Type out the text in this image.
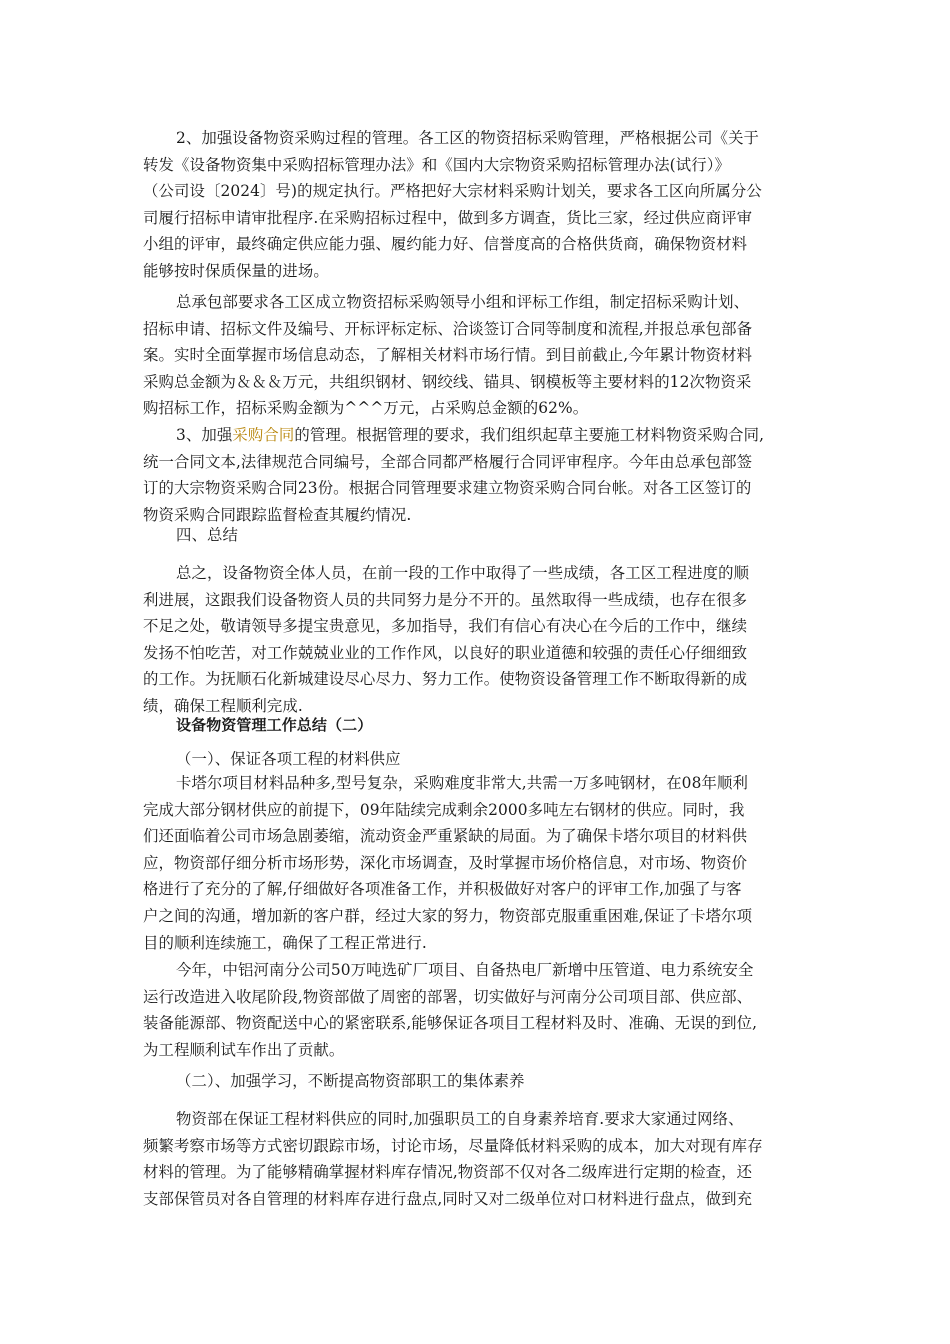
2、加强设备物资采购过程的管理。各工区的物资招标采购管理，严格根据公司《关于
转发《设备物资集中采购招标管理办法》和《国内大宗物资采购招标管理办法(试行）》
（公司设〔2024〕号)的规定执行。严格把好大宗材料采购计划关，要求各工区向所属分公
司履行招标申请审批程序.在采购招标过程中，做到多方调查，货比三家，经过供应商评审
小组的评审，最终确定供应能力强、履约能力好、信誉度高的合格供货商，确保物资材料
能够按时保质保量的进场。
总承包部要求各工区成立物资招标采购领导小组和评标工作组，制定招标采购计划、
招标申请、招标文件及编号、开标评标定标、洽谈签订合同等制度和流程,并报总承包部备
案。实时全面掌握市场信息动态，了解相关材料市场行情。到目前截止,今年累计物资材料
采购总金额为＆＆＆万元，共组织钢材、钢绞线、锚具、钢模板等主要材料的12次物资采
购招标工作，招标采购金额为^^^万元，占采购总金额的62%。
3、加强采购合同的管理。根据管理的要求，我们组织起草主要施工材料物资采购合同,
统一合同文本,法律规范合同编号，全部合同都严格履行合同评审程序。今年由总承包部签
订的大宗物资采购合同23份。根据合同管理要求建立物资采购合同台帐。对各工区签订的
物资采购合同跟踪监督检查其履约情况.
四、总结
总之，设备物资全体人员，在前一段的工作中取得了一些成绩，各工区工程进度的顺
利进展，这跟我们设备物资人员的共同努力是分不开的。虽然取得一些成绩，也存在很多
不足之处，敬请领导多提宝贵意见，多加指导，我们有信心有决心在今后的工作中，继续
发扬不怕吃苦，对工作兢兢业业的工作作风，以良好的职业道德和较强的责任心仔细细致
的工作。为抚顺石化新城建设尽心尽力、努力工作。使物资设备管理工作不断取得新的成
绩，确保工程顺利完成.
设备物资管理工作总结（二）
（一）、保证各项工程的材料供应
卡塔尔项目材料品种多,型号复杂，采购难度非常大,共需一万多吨钢材，在08年顺利
完成大部分钢材供应的前提下，09年陆续完成剩余2000多吨左右钢材的供应。同时，我
们还面临着公司市场急剧萎缩，流动资金严重紧缺的局面。为了确保卡塔尔项目的材料供
应，物资部仔细分析市场形势，深化市场调查，及时掌握市场价格信息，对市场、物资价
格进行了充分的了解,仔细做好各项准备工作，并积极做好对客户的评审工作,加强了与客
户之间的沟通，增加新的客户群，经过大家的努力，物资部克服重重困难,保证了卡塔尔项
目的顺利连续施工，确保了工程正常进行.
今年，中铝河南分公司50万吨选矿厂项目、自备热电厂新增中压管道、电力系统安全
运行改造进入收尾阶段,物资部做了周密的部署，切实做好与河南分公司项目部、供应部、
装备能源部、物资配送中心的紧密联系,能够保证各项目工程材料及时、准确、无误的到位,
为工程顺利试车作出了贡献。
（二）、加强学习，不断提高物资部职工的集体素养
物资部在保证工程材料供应的同时,加强职员工的自身素养培育.要求大家通过网络、
频繁考察市场等方式密切跟踪市场，讨论市场，尽量降低材料采购的成本，加大对现有库存
材料的管理。为了能够精确掌握材料库存情况,物资部不仅对各二级库进行定期的检查，还
支部保管员对各自管理的材料库存进行盘点,同时又对二级单位对口材料进行盘点，做到充
